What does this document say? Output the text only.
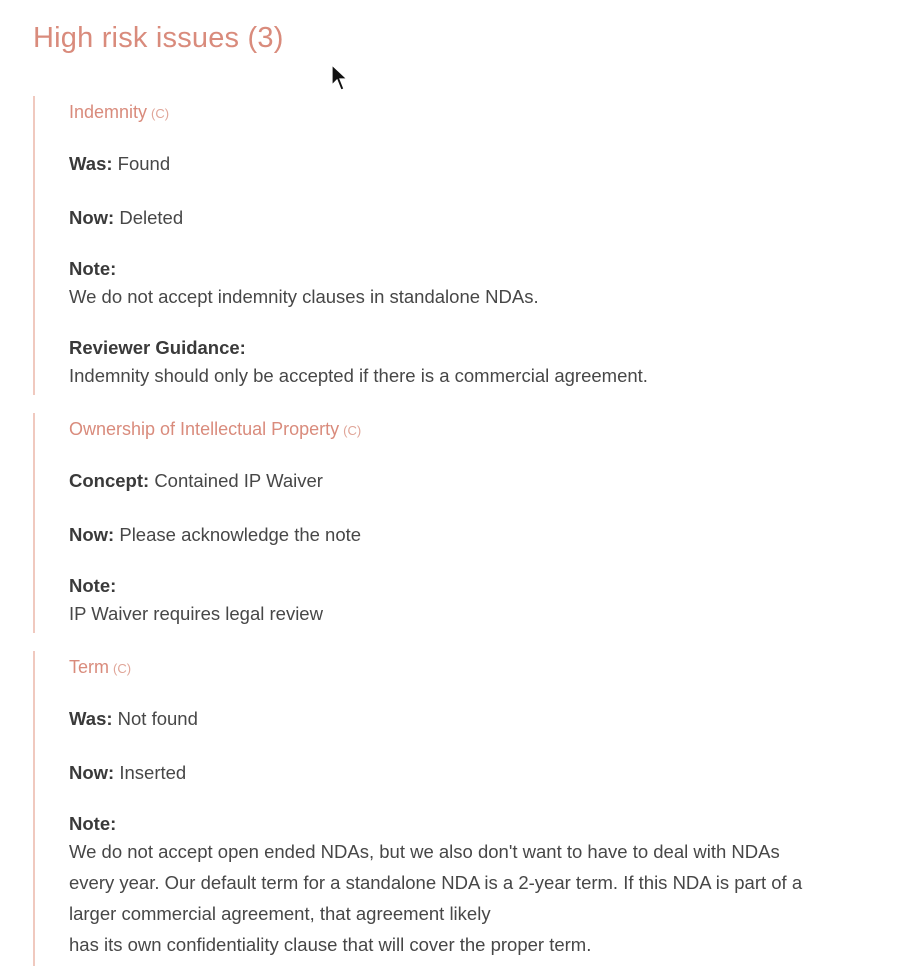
High risk issues (3)

Indemnity (C)

Was: Found
Now: Deleted
Note:
We do not accept indemnity clauses in standalone NDAs.
Reviewer Guidance:
Indemnity should only be accepted if there is a commercial agreement.

Ownership of Intellectual Property (C)

Concept: Contained IP Waiver
Now: Please acknowledge the note
Note:
IP Waiver requires legal review

Term (C)

Was: Not found
Now: Inserted
Note:
We do not accept open ended NDAs, but we also don't want to have to deal with NDAs
every year. Our default term for a standalone NDA is a 2-year term. If this NDA is part of a
larger commercial agreement, that agreement likely
has its own confidentiality clause that will cover the proper term.
